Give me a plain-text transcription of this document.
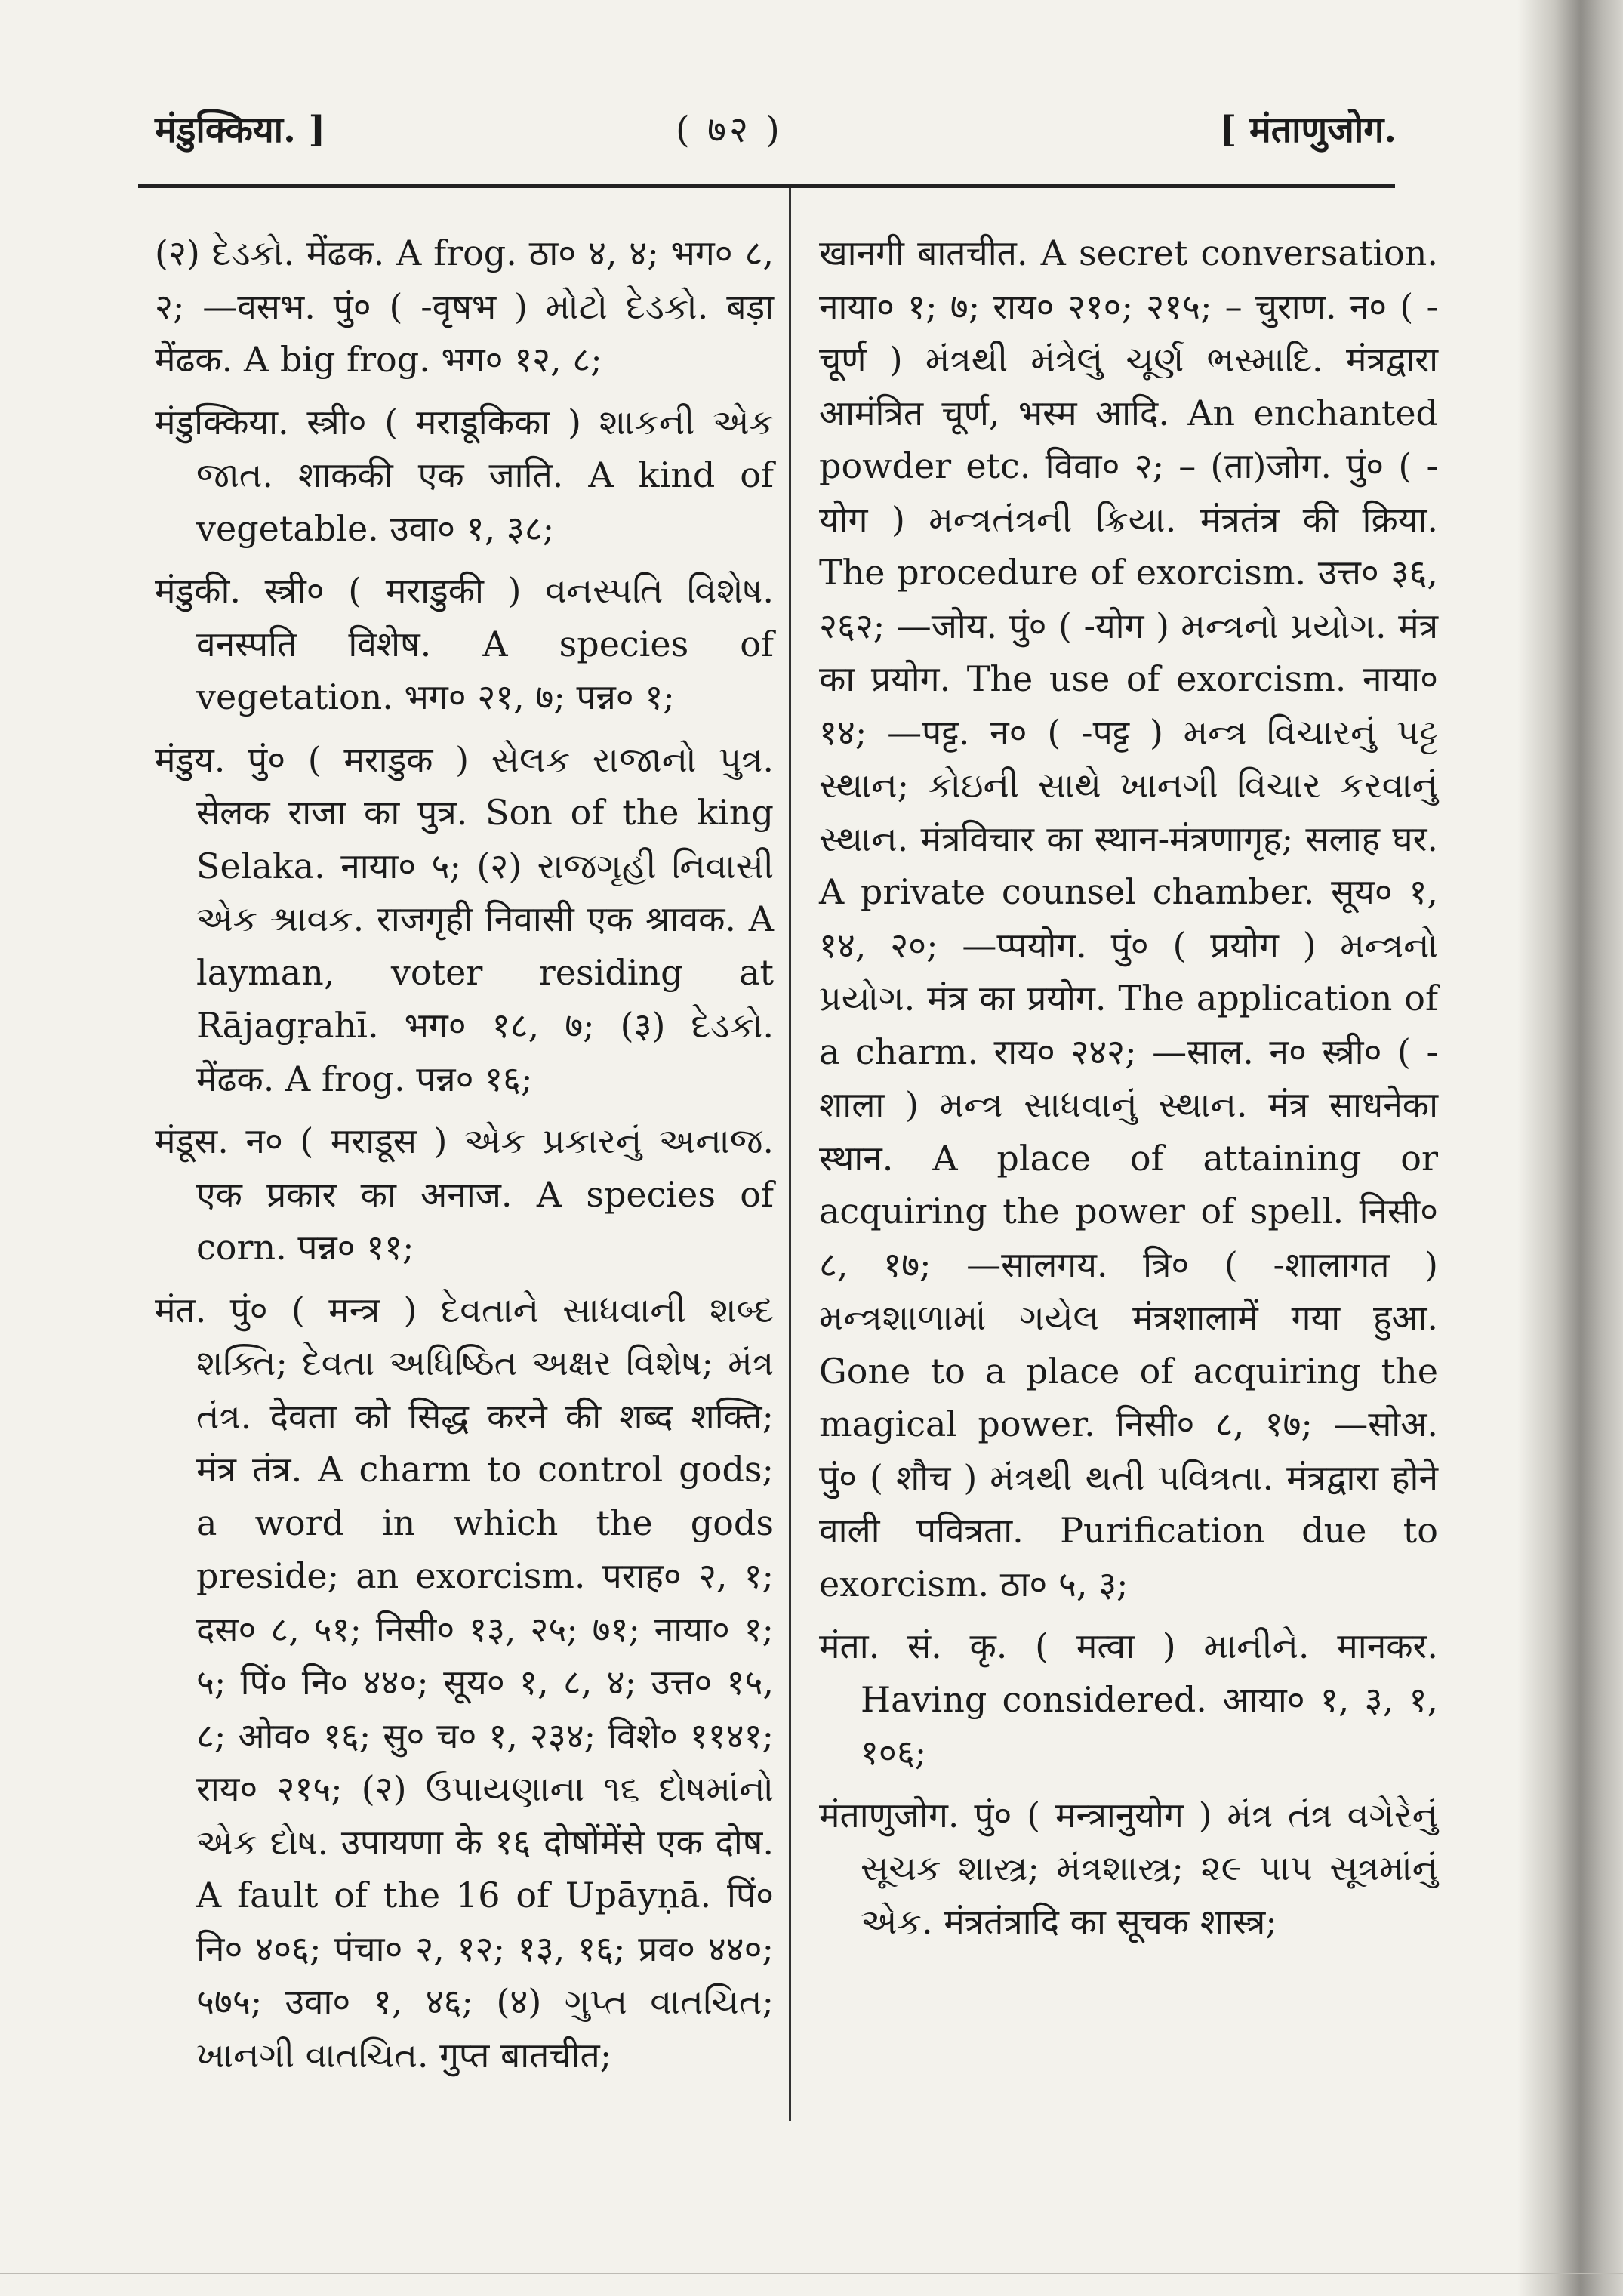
मंडुक्किया. ]	( ७२ )	[ मंताणुजोग.

(२) દેડકો. मेंढक. A frog. ठा० ४, ४; भग० ८, २; —वसभ. पुं० ( -वृषभ ) મોટો દેડકો. बड़ा मेंढक. A big frog. भग० १२, ८;

मंडुक्किया. स्त्री० ( मराडूकिका ) શાકની એક જાત. शाककी एक जाति. A kind of vegetable. उवा० १, ३८;

मंडुकी. स्त्री० ( मराडुकी ) વનસ્પતિ વિશેષ. वनस्पति विशेष. A species of vegetation. भग० २१, ७; पन्न० १;

मंडुय. पुं० ( मराडुक ) સેલક રાજાનો પુત્ર. सेलक राजा का पुत्र. Son of the king Selaka. नाया० ५; (२) રાજગૃહી નિવાસી એક શ્રાવક. राजगृही निवासी एक श्रावक. A layman, voter residing at Rājagṛahī. भग० १८, ७; (३) દેડકો. मेंढक. A frog. पन्न० १६;

मंडूस. न० ( मराडूस ) એક પ્રકારનું અનાજ. एक प्रकार का अनाज. A species of corn. पन्न० ११;

मंत. पुं० ( मन्त्र ) દેવતાને સાધવાની શબ્દ શક્તિ; દેવતા અધિષ્ઠિત અક્ષર વિશેષ; મંત્ર તંત્ર. देवता को सिद्ध करने की शब्द शक्ति; मंत्र तंत्र. A charm to control gods; a word in which the gods preside; an exorcism. पराह० २, १; दस० ८, ५१; निसी० १३, २५; ७१; नाया० १; ५; पिं० नि० ४४०; सूय० १, ८, ४; उत्त० १५, ८; ओव० १६; सु० च० १, २३४; विशे० ११४१; राय० २१५; (२) ઉપાયણાના ૧૬ દોષમાંનો એક દોષ. उपायणा के १६ दोषोंमेंसे एक दोष. A fault of the 16 of Upāyṇā. पिं० नि० ४०६; पंचा० २, १२; १३, १६; प्रव० ४४०; ५७५; उवा० १, ४६; (४) ગુપ્ત વાતચિત; ખાનગી વાતચિત. गुप्त बातचीत;

खानगी बातचीत. A secret conversation. नाया० १; ७; राय० २१०; २१५; – चुराण. न० ( -चूर्ण ) મંત્રથી મંત્રેલું ચૂર્ણ ભસ્માદિ. मंत्रद्वारा आमंत्रित चूर्ण, भस्म आदि. An enchanted powder etc. विवा० २; – (ता)जोग. पुं० ( -योग ) મન્ત્રતંત્રની ક્રિયા. मंत्रतंत्र की क्रिया. The procedure of exorcism. उत्त० ३६, २६२; —जोय. पुं० ( -योग ) મન્ત્રનો પ્રયોગ. मंत्र का प्रयोग. The use of exorcism. नाया० १४; —पट्ट. न० ( -पट्ट ) મન્ત્ર વિચારનું પટ્ટ સ્થાન; કોઇની સાથે ખાનગી વિચાર કરવાનું સ્થાન. मंत्रविचार का स्थान-मंत्रणागृह; सलाह घर. A private counsel chamber. सूय० १, १४, २०; —प्पयोग. पुं० ( प्रयोग ) મન્ત્રનો પ્રયોગ. मंत्र का प्रयोग. The application of a charm. राय० २४२; —साल. न० स्त्री० ( -शाला ) મન્ત્ર સાધવાનું સ્થાન. मंत्र साधनेका स्थान. A place of attaining or acquiring the power of spell. निसी० ८, १७; —सालगय. त्रि० ( -शालागत ) મન્ત્રશાળામાં ગયેલ मंत्रशालामें गया हुआ. Gone to a place of acquiring the magical power. निसी० ८, १७; —सोअ. पुं० ( शौच ) મંત્રથી થતી પવિત્રતા. मंत्रद्वारा होने वाली पवित्रता. Purification due to exorcism. ठा० ५, ३;

मंता. सं. कृ. ( मत्वा ) માનીને. मानकर. Having considered. आया० १, ३, १, १०६;

मंताणुजोग. पुं० ( मन्त्रानुयोग ) મંત્ર તંત્ર વગેરેનું સૂચક શાસ્ત્ર; મંત્રશાસ્ત્ર; ૨૯ પાપ સૂત્રમાંનું એક. मंत्रतंत्रादि का सूचक शास्त्र;
